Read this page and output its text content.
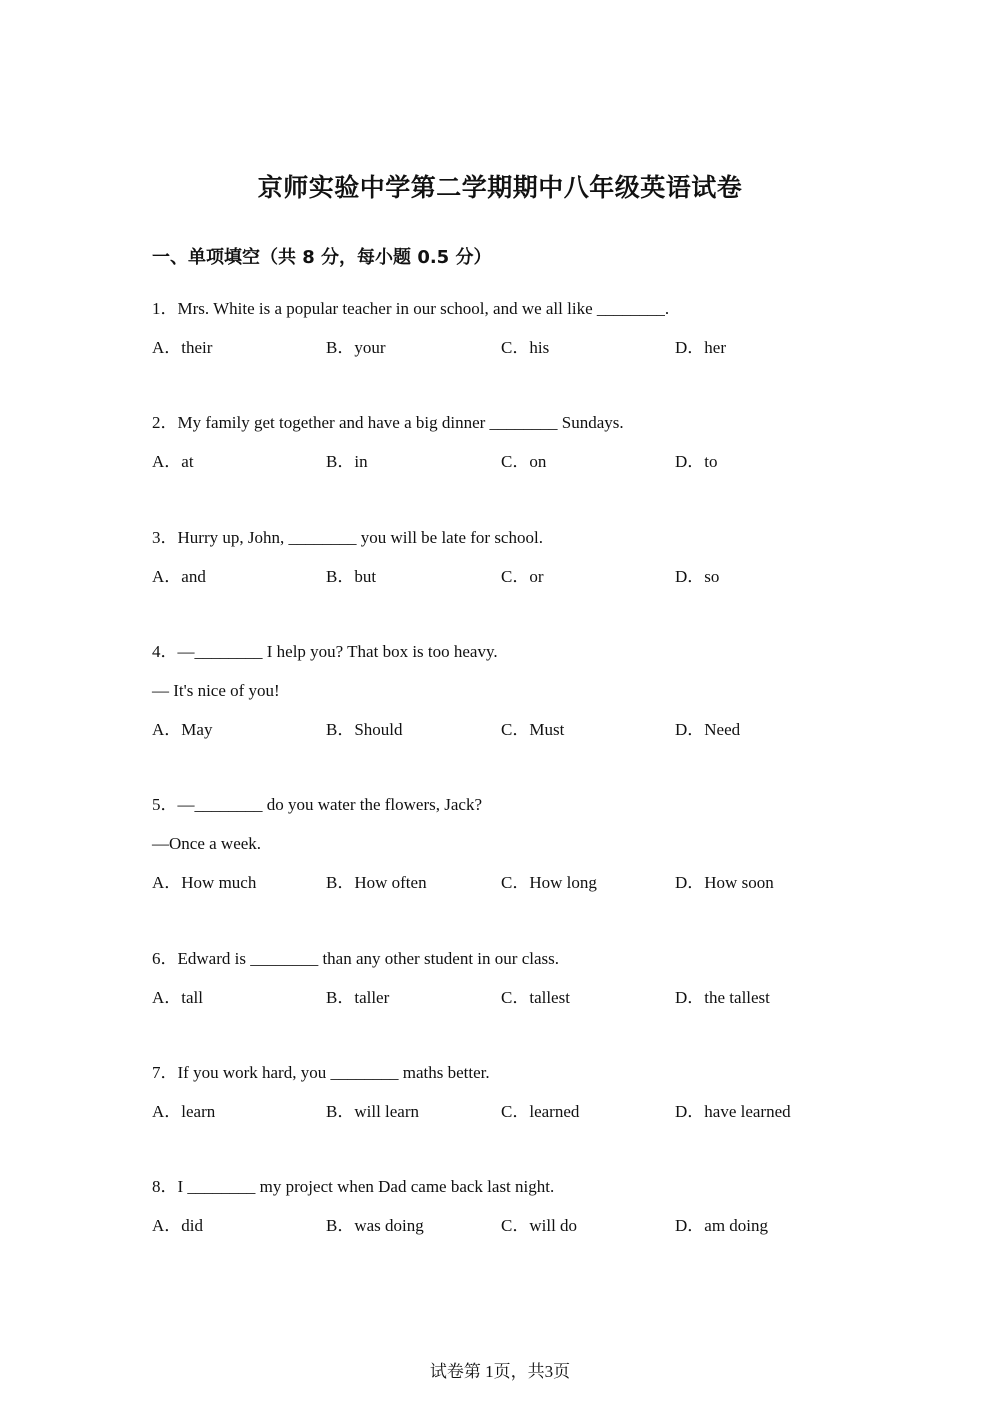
京师实验中学第二学期期中八年级英语试卷
一、单项填空（共 8 分，每小题 0.5 分）
1．Mrs. White is a popular teacher in our school, and we all like ________.
A．their	B．your	C．his	D．her
2．My family get together and have a big dinner ________ Sundays.
A．at	B．in	C．on	D．to
3．Hurry up, John, ________ you will be late for school.
A．and	B．but	C．or	D．so
4．—________ I help you? That box is too heavy.
— It's nice of you!
A．May	B．Should	C．Must	D．Need
5．—________ do you water the flowers, Jack?
—Once a week.
A．How much	B．How often	C．How long	D．How soon
6．Edward is ________ than any other student in our class.
A．tall	B．taller	C．tallest	D．the tallest
7．If you work hard, you ________ maths better.
A．learn	B．will learn	C．learned	D．have learned
8．I ________ my project when Dad came back last night.
A．did	B．was doing	C．will do	D．am doing
试卷第 1页，共3页
